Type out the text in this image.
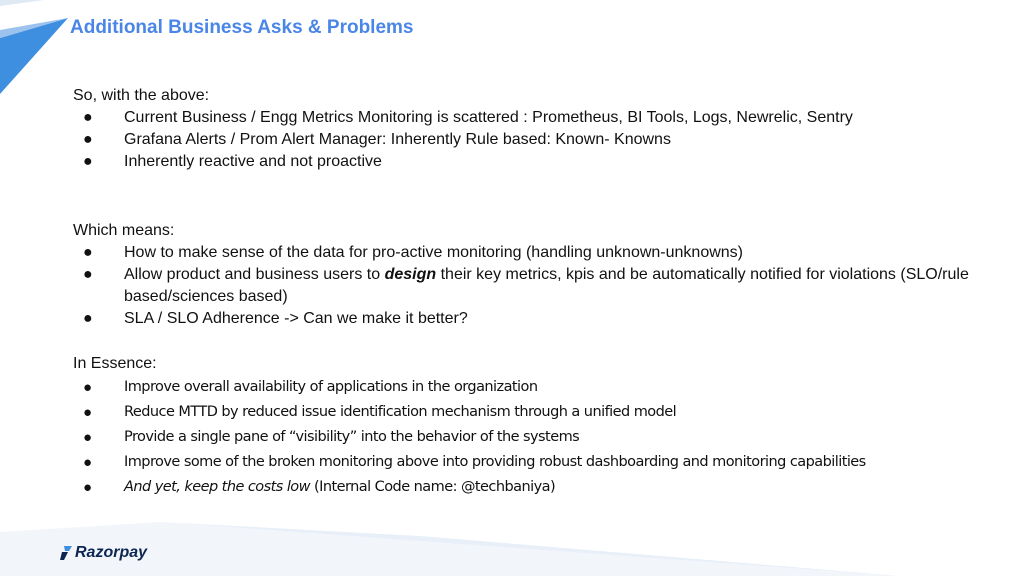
Additional Business Asks & Problems

So, with the above:

● Current Business / Engg Metrics Monitoring is scattered : Prometheus, BI Tools, Logs, Newrelic, Sentry
● Grafana Alerts / Prom Alert Manager: Inherently Rule based: Known- Knowns
● Inherently reactive and not proactive

Which means:

● How to make sense of the data for pro-active monitoring (handling unknown-unknowns)
● Allow product and business users to design their key metrics, kpis and be automatically notified for violations (SLO/rule based/sciences based)
● SLA / SLO Adherence -> Can we make it better?

In Essence:

● Improve overall availability of applications in the organization
● Reduce MTTD by reduced issue identification mechanism through a unified model
● Provide a single pane of “visibility” into the behavior of the systems
● Improve some of the broken monitoring above into providing robust dashboarding and monitoring capabilities
● And yet, keep the costs low (Internal Code name: @techbaniya)
Razorpay
